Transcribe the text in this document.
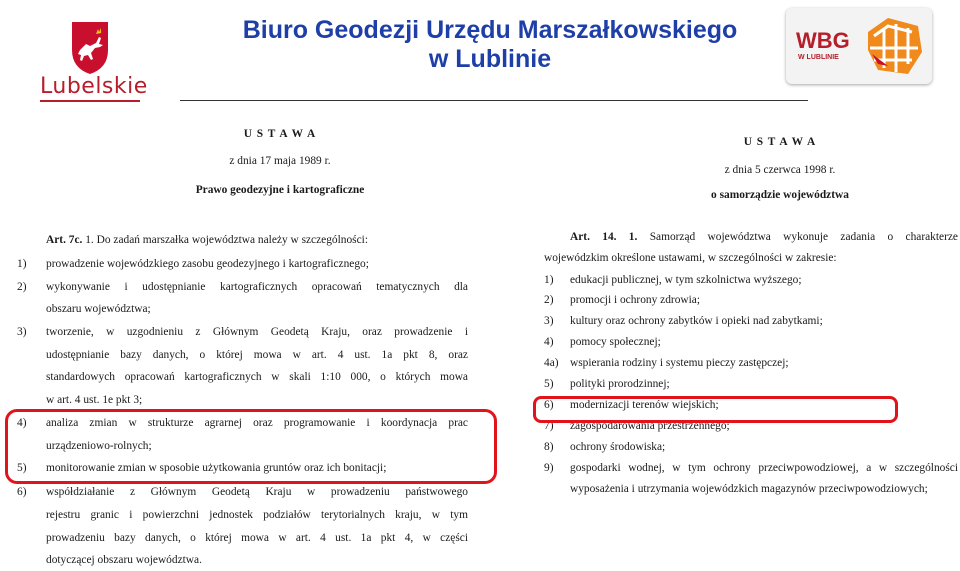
Lubelskie
Biuro Geodezji Urzędu Marszałkowskiego
w Lublinie
WBG
W LUBLINIE
U S T A W A
z dnia 17 maja 1989 r.
Prawo geodezyjne i kartograficzne
Art. 7c. 1. Do zadań marszałka województwa należy w szczególności:
1) prowadzenie wojewódzkiego zasobu geodezyjnego i kartograficznego;
2) wykonywanie i udostępnianie kartograficznych opracowań tematycznych dla
obszaru województwa;
3) tworzenie, w uzgodnieniu z Głównym Geodetą Kraju, oraz prowadzenie i
udostępnianie bazy danych, o której mowa w art. 4 ust. 1a pkt 8, oraz
standardowych opracowań kartograficznych w skali 1:10 000, o których mowa
w art. 4 ust. 1e pkt 3;
4) analiza zmian w strukturze agrarnej oraz programowanie i koordynacja prac
urządzeniowo-rolnych;
5) monitorowanie zmian w sposobie użytkowania gruntów oraz ich bonitacji;
6) współdziałanie z Głównym Geodetą Kraju w prowadzeniu państwowego
rejestru granic i powierzchni jednostek podziałów terytorialnych kraju, w tym
prowadzeniu bazy danych, o której mowa w art. 4 ust. 1a pkt 4, w części
dotyczącej obszaru województwa.
U S T A W A
z dnia 5 czerwca 1998 r.
o samorządzie województwa
Art. 14. 1. Samorząd województwa wykonuje zadania o charakterze
wojewódzkim określone ustawami, w szczególności w zakresie:
1) edukacji publicznej, w tym szkolnictwa wyższego;
2) promocji i ochrony zdrowia;
3) kultury oraz ochrony zabytków i opieki nad zabytkami;
4) pomocy społecznej;
4a) wspierania rodziny i systemu pieczy zastępczej;
5) polityki prorodzinnej;
6) modernizacji terenów wiejskich;
7) zagospodarowania przestrzennego;
8) ochrony środowiska;
9) gospodarki wodnej, w tym ochrony przeciwpowodziowej, a w szczególności
wyposażenia i utrzymania wojewódzkich magazynów przeciwpowodziowych;
